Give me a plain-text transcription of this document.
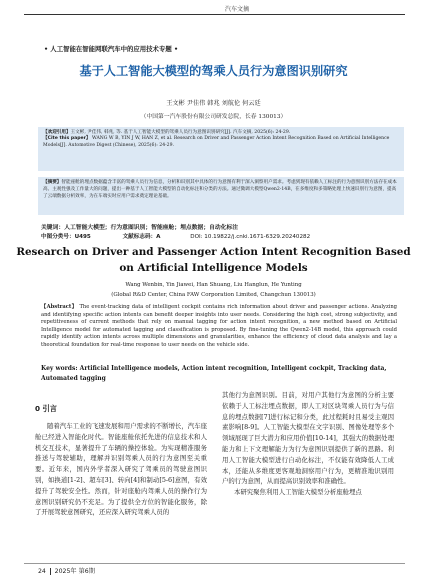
汽车文摘
• 人工智能在智能网联汽车中的应用技术专题 •
基于人工智能大模型的驾乘人员行为意图识别研究
王文彬 尹佳伟 韩兆 刘航伦 何云廷
（中国第一汽车股份有限公司研发总院，长春 130013）

【欢迎引用】王文彬, 尹佳伟, 韩兆, 等. 基于人工智能大模型的驾乘人员行为意图识别研究[J]. 汽车文摘, 2025(6): 24-29.

【Cite this paper】 WANG W B, YIN J W, HAN Z, et al. Research on Driver and Passenger Action Intent Recognition Based on Artificial Intelligence Models[J]. Automotive Digest (Chinese), 2025(6): 24-29.

【摘要】智能座舱的埋点数据蕴含丰富的驾乘人员行为信息，分析和识别其中具体的行为意图有利于深入洞察用户需求。考虑到现有依赖人工标注的行为意图识别方法存在成本高、主观性强及工作量大的问题，提出一种基于人工智能大模型的自动化标注和分类的方法。通过微调大模型Qwen2-14B，在多维度和多策略处理上快速识别行为意图，提高了云端数据分析效率，为在车端实时应用户需求奠定理论基础。
关键词：人工智能大模型；行为意图识别；智能座舱；埋点数据；自动化标注
中图分类号：U495	文献标志码：A	DOI: 10.19822/j.cnki.1671-6329.20240282
Research on Driver and Passenger Action Intent Recognition Based
on Artificial Intelligence Models
Wang Wenbin, Yin Jiawei, Han Shuang, Liu Hanglun, He Yunting
(Global R&D Center, China FAW Corporation Limited, Changchun 130013)
【Abstract】 The event-tracking data of intelligent cockpit contains rich information about driver and passenger actions. Analyzing and identifying specific action intents can benefit deeper insights into user needs. Considering the high cost, strong subjectivity, and repetitiveness of current methods that rely on manual tagging for action intent recognition, a new method based on Artificial Intelligence model for automated tagging and classification is proposed. By fine-tuning the Qwen2-14B model, this approach could rapidly identify action intents across multiple dimensions and granularities, enhance the efficiency of cloud data analysis and lay a theoretical foundation for real-time response to user needs on the vehicle side.
Key words: Artificial Intelligence models, Action intent recognition, Intelligent cockpit, Tracking data, Automated tagging
0 引言
随着汽车工业的飞速发展和用户需求的不断增长，汽车座舱已经进入智能化时代。智能座舱依托先进的信息技术和人机交互技术，显著提升了车辆的操控体验。为实现精准服务推送与驾驶辅助，理解并识别驾乘人员的行为意图至关重要。近年来，国内外学者深入研究了驾乘员的驾驶意图识别，如换道[1-2]、超车[3]、转向[4]和制动[5-6]意图，有效提升了驾驶安全性。然而，针对座舱内驾乘人员的操作行为意图识别研究仍不充足。为了提供全方位的智能化服务，除了开展驾驶意图研究，还应深入研究驾乘人员的

其他行为意图识别。目前，对用户其他行为意图的分析主要依赖于人工标注埋点数据，即人工对区块驾乘人员行为与信息的埋点数据[7]进行标记和分类，此过程耗时且易受主观因素影响[8-9]。人工智能大模型在文字识别、图像处理等多个领域展现了巨大潜力和应用价值[10-14]，其强大的数据处理能力和上下文理解能力为行为意图识别提供了新的思路。利用人工智能大模型进行自动化标注，不仅能有效降低人工成本，还能从多维度更客观地洞察用户行为，更精准地识别用户的行为意图，从而提高识别效率和准确性。

本研究聚焦利用人工智能大模型分析座舱埋点

24 2025年 第6期
